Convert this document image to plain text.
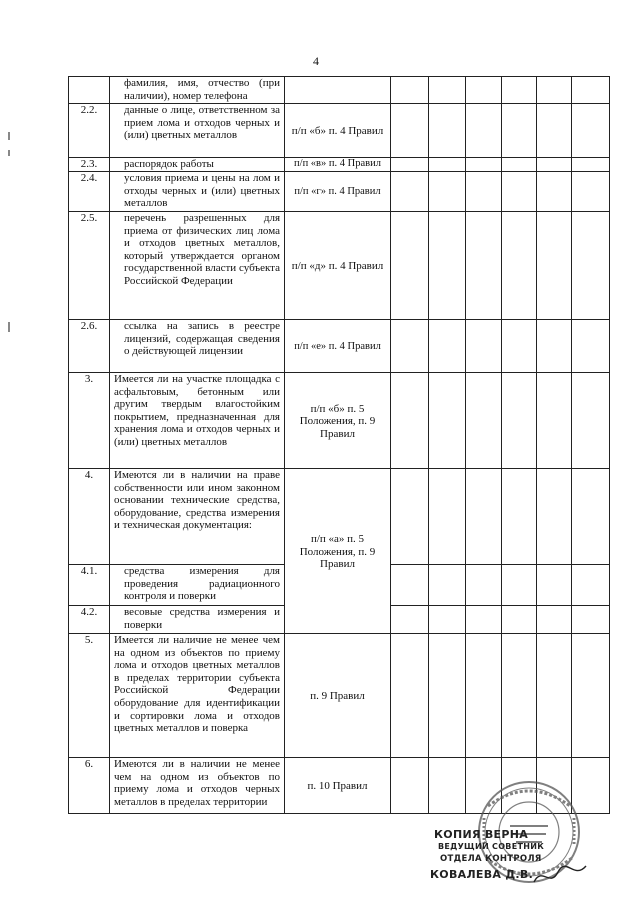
4
	фамилия, имя, отчество (при наличии), номер телефона							
2.2.	данные о лице, ответственном за прием лома и отходов черных и (или) цветных металлов	п/п «б» п. 4 Правил						
2.3.	распорядок работы	п/п «в» п. 4 Правил						
2.4.	условия приема и цены на лом и отходы черных и (или) цветных металлов	п/п «г» п. 4 Правил						
2.5.	перечень разрешенных для приема от физических лиц лома и отходов цветных металлов, который утверждается органом государственной власти субъекта Российской Федерации	п/п «д» п. 4 Правил						
2.6.	ссылка на запись в реестре лицензий, содержащая сведения о действующей лицензии	п/п «е» п. 4 Правил						
3.	Имеется ли на участке площадка с асфальтовым, бетонным или другим твердым влагостойким покрытием, предназначенная для хранения лома и отходов черных и (или) цветных металлов	п/п «б» п. 5 Положения, п. 9 Правил						
4.	Имеются ли в наличии на праве собственности или ином законном основании технические средства, оборудование, средства измерения и техническая документация:	п/п «а» п. 5 Положения, п. 9 Правил						
4.1.	средства измерения для проведения радиационного контроля и поверки							
4.2.	весовые средства измерения и поверки							
5.	Имеется ли наличие не менее чем на одном из объектов по приему лома и отходов цветных металлов в пределах территории субъекта Российской Федерации оборудование для идентификации и сортировки лома и отходов цветных металлов и поверка	п. 9 Правил						
6.	Имеются ли в наличии не менее чем на одном из объектов по приему лома и отходов черных металлов в пределах территории	п. 10 Правил						
КОПИЯ ВЕРНА
ВЕДУЩИЙ СОВЕТНИК
ОТДЕЛА КОНТРОЛЯ
КОВАЛЕВА Д.В.
